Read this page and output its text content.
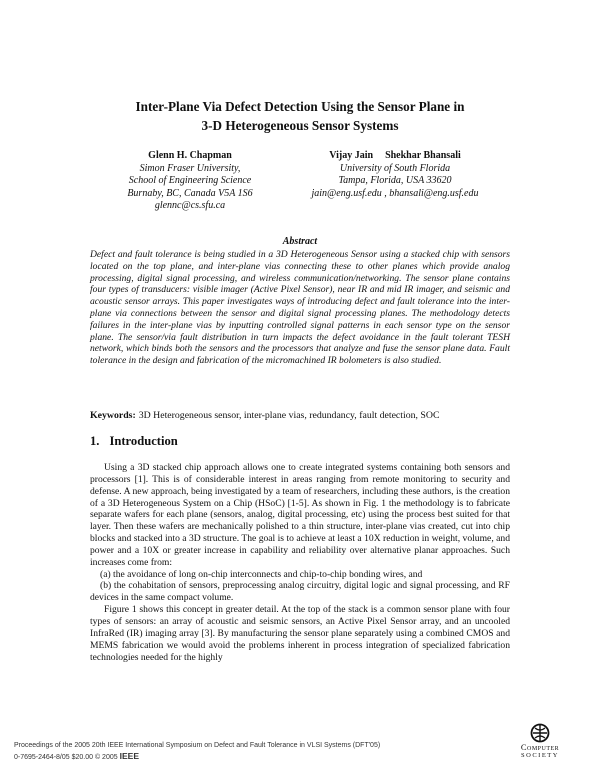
Inter-Plane Via Defect Detection Using the Sensor Plane in
3-D Heterogeneous Sensor Systems
Glenn H. Chapman
Simon Fraser University,
School of Engineering Science
Burnaby, BC, Canada V5A 1S6
glennc@cs.sfu.ca
Vijay Jain Shekhar Bhansali
University of South Florida
Tampa, Florida, USA 33620
jain@eng.usf.edu , bhansali@eng.usf.edu
Abstract
Defect and fault tolerance is being studied in a 3D Heterogeneous Sensor using a stacked chip with sensors located on the top plane, and inter-plane vias connecting these to other planes which provide analog processing, digital signal processing, and wireless communication/networking. The sensor plane contains four types of transducers: visible imager (Active Pixel Sensor), near IR and mid IR imager, and seismic and acoustic sensor arrays. This paper investigates ways of introducing defect and fault tolerance into the inter-plane via connections between the sensor and digital signal processing planes. The methodology detects failures in the inter-plane vias by inputting controlled signal patterns in each sensor type on the sensor plane. The sensor/via fault distribution in turn impacts the defect avoidance in the fault tolerant TESH network, which binds both the sensors and the processors that analyze and fuse the sensor plane data. Fault tolerance in the design and fabrication of the micromachined IR bolometers is also studied.
Keywords: 3D Heterogeneous sensor, inter-plane vias, redundancy, fault detection, SOC
1. Introduction

Using a 3D stacked chip approach allows one to create integrated systems containing both sensors and processors [1]. This is of considerable interest in areas ranging from remote monitoring to security and defense. A new approach, being investigated by a team of researchers, including these authors, is the creation of a 3D Heterogeneous System on a Chip (HSoC) [1-5]. As shown in Fig. 1 the methodology is to fabricate separate wafers for each plane (sensors, analog, digital processing, etc) using the process best suited for that layer. Then these wafers are mechanically polished to a thin structure, inter-plane vias created, cut into chip blocks and stacked into a 3D structure. The goal is to achieve at least a 10X reduction in weight, volume, and power and a 10X or greater increase in capability and reliability over alternative planar approaches. Such increases come from:

(a) the avoidance of long on-chip interconnects and chip-to-chip bonding wires, and

(b) the cohabitation of sensors, preprocessing analog circuitry, digital logic and signal processing, and RF devices in the same compact volume.

Figure 1 shows this concept in greater detail. At the top of the stack is a common sensor plane with four types of sensors: an array of acoustic and seismic sensors, an Active Pixel Sensor array, and an uncooled InfraRed (IR) imaging array [3]. By manufacturing the sensor plane separately using a combined CMOS and MEMS fabrication we would avoid the problems inherent in process integration of specialized fabrication technologies needed for the highly

Proceedings of the 2005 20th IEEE International Symposium on Defect and Fault Tolerance in VLSI Systems (DFT'05)
0-7695-2464-8/05 $20.00 © 2005 IEEE
Computer
SOCIETY
